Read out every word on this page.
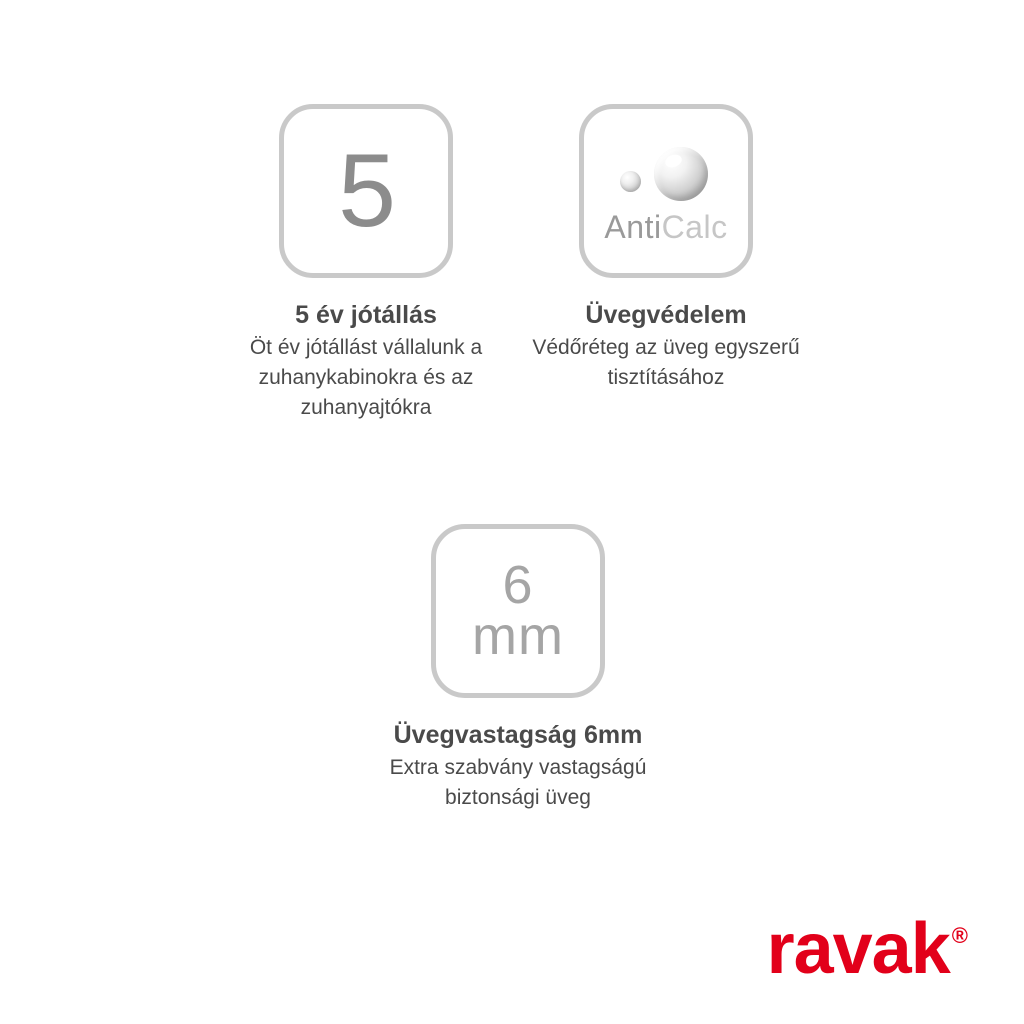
5
5 év jótállás
Öt év jótállást vállalunk a zuhanykabinokra és az zuhanyajtókra
AntiCalc
Üvegvédelem
Védőréteg az üveg egyszerű tisztításához
6
mm
Üvegvastagság 6mm
Extra szabvány vastagságú biztonsági üveg
ravak ®
